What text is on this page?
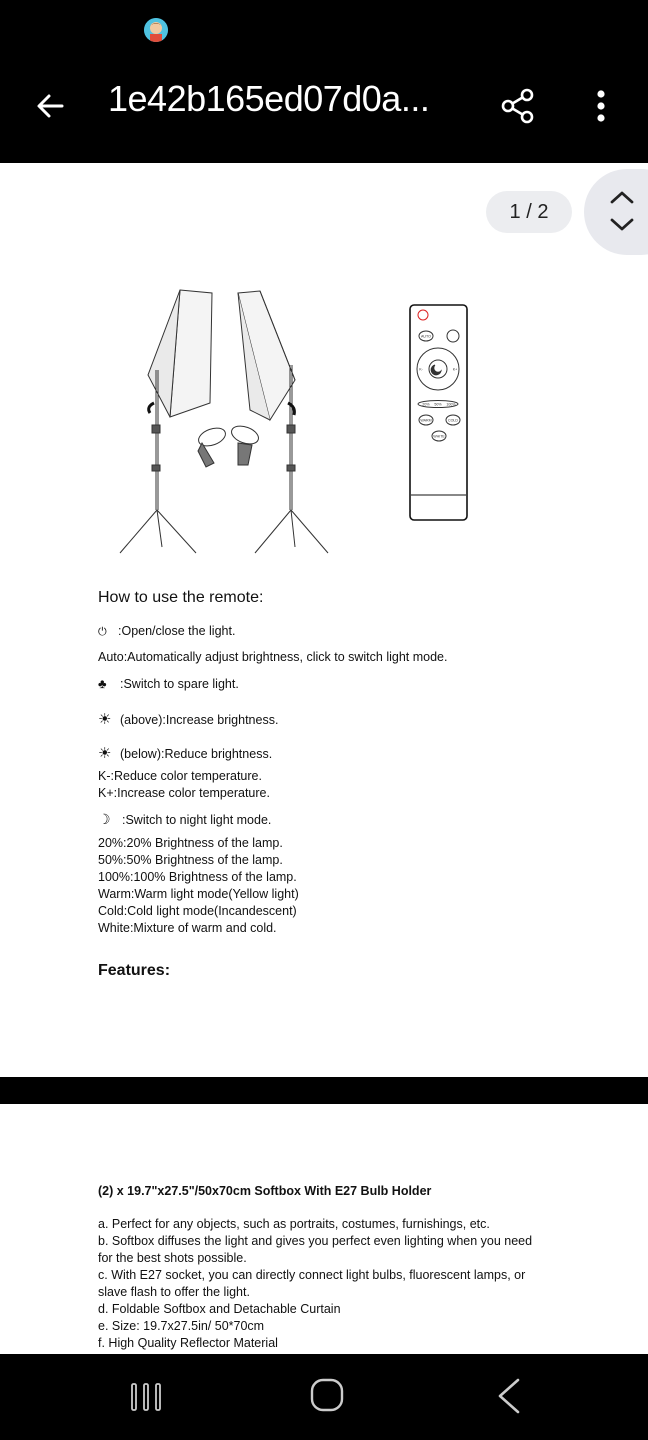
1e42b165ed07d0a...
1 / 2
AUTO
K-	K+
20% 50% 100%
WARM	COLD
WHITE
How to use the remote:
⏻ :Open/close the light.
Auto:Automatically adjust brightness, click to switch light mode.
♣ :Switch to spare light.
☀ (above):Increase brightness.
☀ (below):Reduce brightness.
K-:Reduce color temperature.
K+:Increase color temperature.
☽ :Switch to night light mode.
20%:20% Brightness of the lamp.
50%:50% Brightness of the lamp.
100%:100% Brightness of the lamp.
Warm:Warm light mode(Yellow light)
Cold:Cold light mode(Incandescent)
White:Mixture of warm and cold.
Features:
(2) x 19.7"x27.5"/50x70cm Softbox With E27 Bulb Holder
a. Perfect for any objects, such as portraits, costumes, furnishings, etc.
b. Softbox diffuses the light and gives you perfect even lighting when you need
for the best shots possible.
c. With E27 socket, you can directly connect light bulbs, fluorescent lamps, or
slave flash to offer the light.
d. Foldable Softbox and Detachable Curtain
e. Size: 19.7x27.5in/ 50*70cm
f. High Quality Reflector Material
